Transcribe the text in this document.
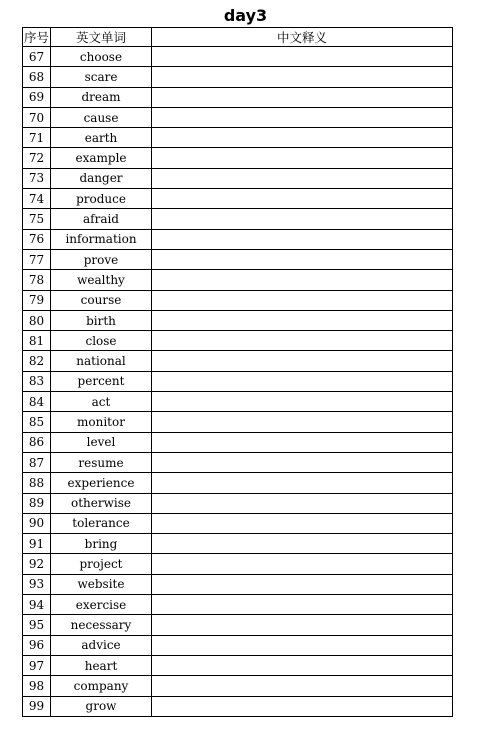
day3
序号	英文单词	中文释义
67	choose	
68	scare	
69	dream	
70	cause	
71	earth	
72	example	
73	danger	
74	produce	
75	afraid	
76	information	
77	prove	
78	wealthy	
79	course	
80	birth	
81	close	
82	national	
83	percent	
84	act	
85	monitor	
86	level	
87	resume	
88	experience	
89	otherwise	
90	tolerance	
91	bring	
92	project	
93	website	
94	exercise	
95	necessary	
96	advice	
97	heart	
98	company	
99	grow	
